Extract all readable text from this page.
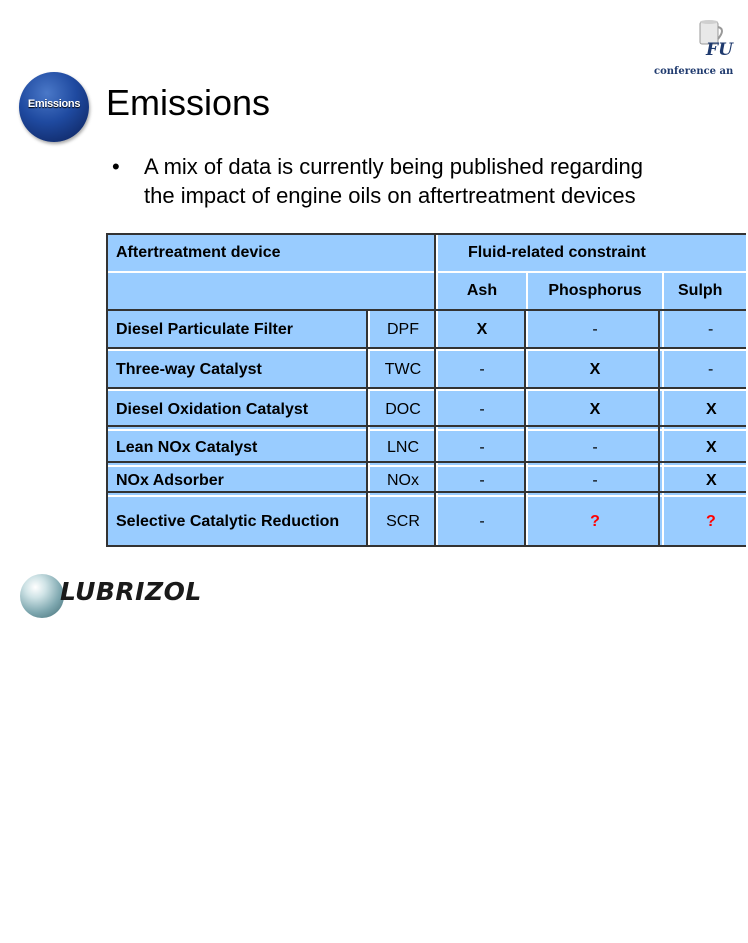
FU
conference an
Emissions Emissions
• A mix of data is currently being published regarding
the impact of engine oils on aftertreatment devices
Aftertreatment device		Fluid-related constraint		
		Ash	Phosphorus	Sulph
Diesel Particulate Filter	DPF	X	-	-
Three-way Catalyst	TWC	-	X	-
Diesel Oxidation Catalyst	DOC	-	X	X
Lean NOx Catalyst	LNC	-	-	X
NOx Adsorber	NOx	-	-	X
Selective Catalytic Reduction	SCR	-	?	?
LUBRIZOL
